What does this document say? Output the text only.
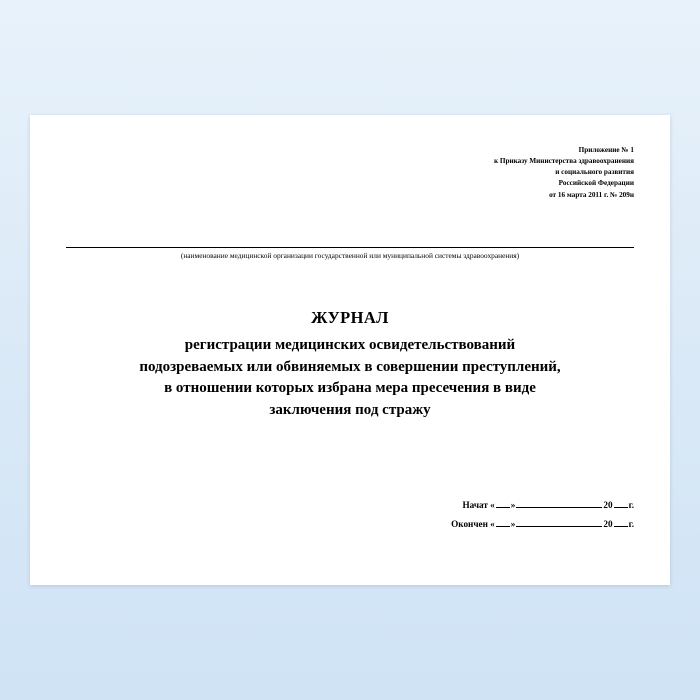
Приложение № 1
к Приказу Министерства здравоохранения
и социального развития
Российской Федерации
от 16 марта 2011 г. № 209н
(наименование медицинской организации государственной или муниципальной системы здравоохранения)
ЖУРНАЛ
регистрации медицинских освидетельствований
подозреваемых или обвиняемых в совершении преступлений,
в отношении которых избрана мера пресечения в виде
заключения под стражу
Начат « »	20 г.
Окончен « »	20 г.
